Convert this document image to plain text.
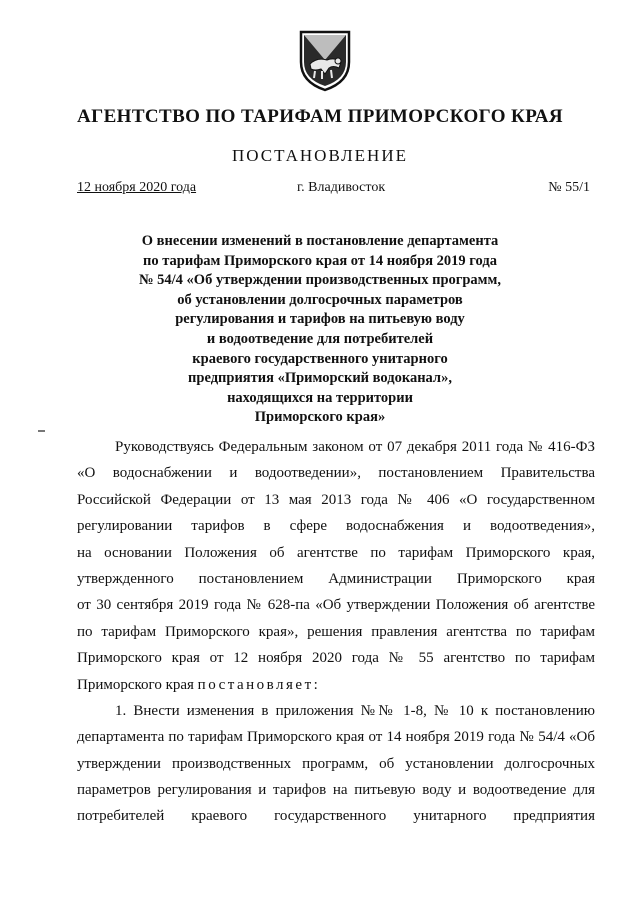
АГЕНТСТВО ПО ТАРИФАМ ПРИМОРСКОГО КРАЯ
ПОСТАНОВЛЕНИЕ
12 ноября 2020 года	г. Владивосток	№ 55/1
О внесении изменений в постановление департамента
по тарифам Приморского края от 14 ноября 2019 года
№ 54/4 «Об утверждении производственных программ,
об установлении долгосрочных параметров
регулирования и тарифов на питьевую воду
и водоотведение для потребителей
краевого государственного унитарного
предприятия «Приморский водоканал»,
находящихся на территории
Приморского края»
Руководствуясь Федеральным законом от 07 декабря 2011 года № 416-ФЗ
«О водоснабжении и водоотведении», постановлением Правительства
Российской Федерации от 13 мая 2013 года № 406 «О государственном
регулировании тарифов в сфере водоснабжения и водоотведения»,
на основании Положения об агентстве по тарифам Приморского края,
утвержденного постановлением Администрации Приморского края
от 30 сентября 2019 года № 628-па «Об утверждении Положения об агентстве
по тарифам Приморского края», решения правления агентства по тарифам
Приморского края от 12 ноября 2020 года № 55 агентство по тарифам
Приморского края постановляет:
1. Внести изменения в приложения №№ 1-8, № 10 к постановлению
департамента по тарифам Приморского края от 14 ноября 2019 года № 54/4 «Об
утверждении производственных программ, об установлении долгосрочных
параметров регулирования и тарифов на питьевую воду и водоотведение для
потребителей краевого государственного унитарного предприятия
